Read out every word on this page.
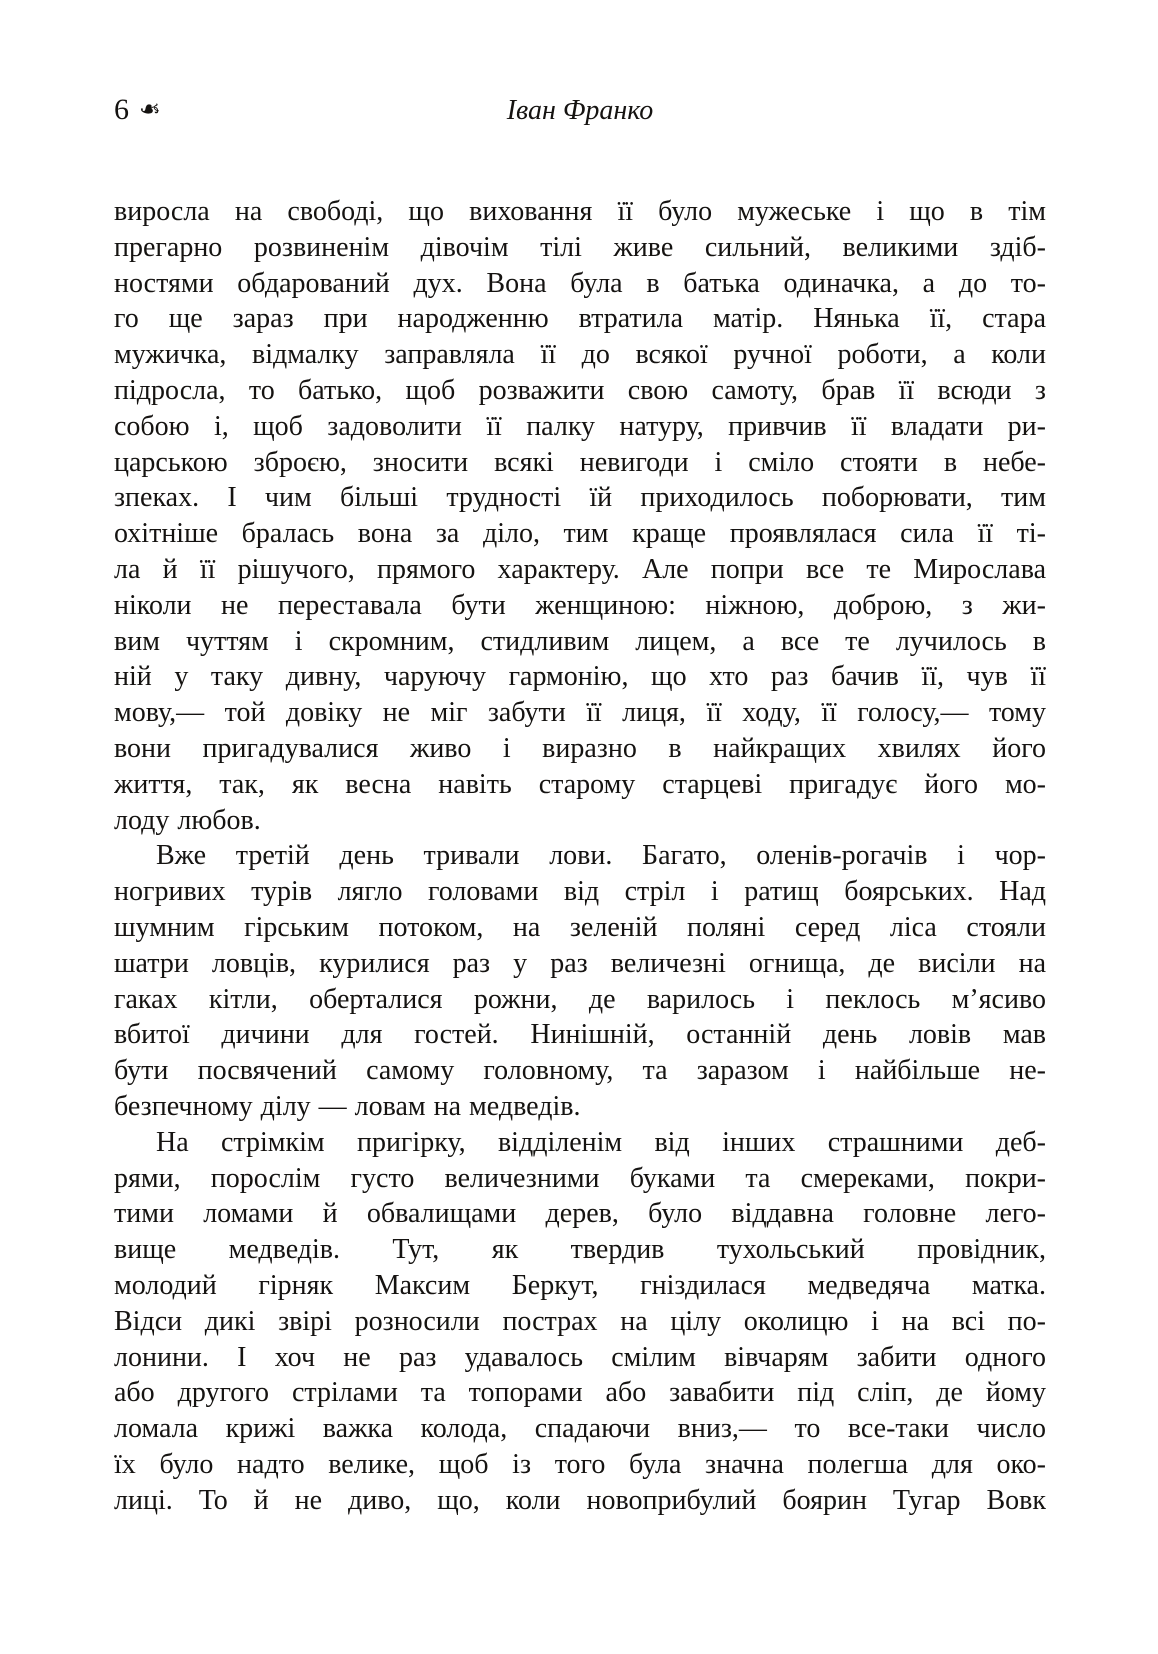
6 ❧	Іван Франко
виросла на свободі, що виховання її було мужеське і що в тім
прегарно розвиненім дівочім тілі живе сильний, великими здіб-
ностями обдарований дух. Вона була в батька одиначка, а до то-
го ще зараз при народженню втратила матір. Нянька її, стара
мужичка, відмалку заправляла її до всякої ручної роботи, а коли
підросла, то батько, щоб розважити свою самоту, брав її всюди з
собою і, щоб задоволити її палку натуру, привчив її владати ри-
царською зброєю, зносити всякі невигоди і сміло стояти в небе-
зпеках. І чим більші трудності їй приходилось поборювати, тим
охітніше бралась вона за діло, тим краще проявлялася сила її ті-
ла й її рішучого, прямого характеру. Але попри все те Мирослава
ніколи не переставала бути женщиною: ніжною, доброю, з жи-
вим чуттям і скромним, стидливим лицем, а все те лучилось в
ній у таку дивну, чаруючу гармонію, що хто раз бачив її, чув її
мову,— той довіку не міг забути її лиця, її ходу, її голосу,— тому
вони пригадувалися живо і виразно в найкращих хвилях його
життя, так, як весна навіть старому старцеві пригадує його мо-
лоду любов.
Вже третій день тривали лови. Багато, оленів-рогачів і чор-
ногривих турів лягло головами від стріл і ратищ боярських. Над
шумним гірським потоком, на зеленій поляні серед ліса стояли
шатри ловців, курилися раз у раз величезні огнища, де висіли на
гаках кітли, оберталися рожни, де варилось і пеклось м’ясиво
вбитої дичини для гостей. Нинішній, останній день ловів мав
бути посвячений самому головному, та заразом і найбільше не-
безпечному ділу — ловам на медведів.
На стрімкім пригірку, відділенім від інших страшними деб-
рями, порослім густо величезними буками та смереками, покри-
тими ломами й обвалищами дерев, було віддавна головне лего-
вище медведів. Тут, як твердив тухольський провідник,
молодий гірняк Максим Беркут, гніздилася медведяча матка.
Відси дикі звірі розносили пострах на цілу околицю і на всі по-
лонини. І хоч не раз удавалось смілим вівчарям забити одного
або другого стрілами та топорами або завабити під сліп, де йому
ломала крижі важка колода, спадаючи вниз,— то все-таки число
їх було надто велике, щоб із того була значна полегша для око-
лиці. То й не диво, що, коли новоприбулий боярин Тугар Вовк
